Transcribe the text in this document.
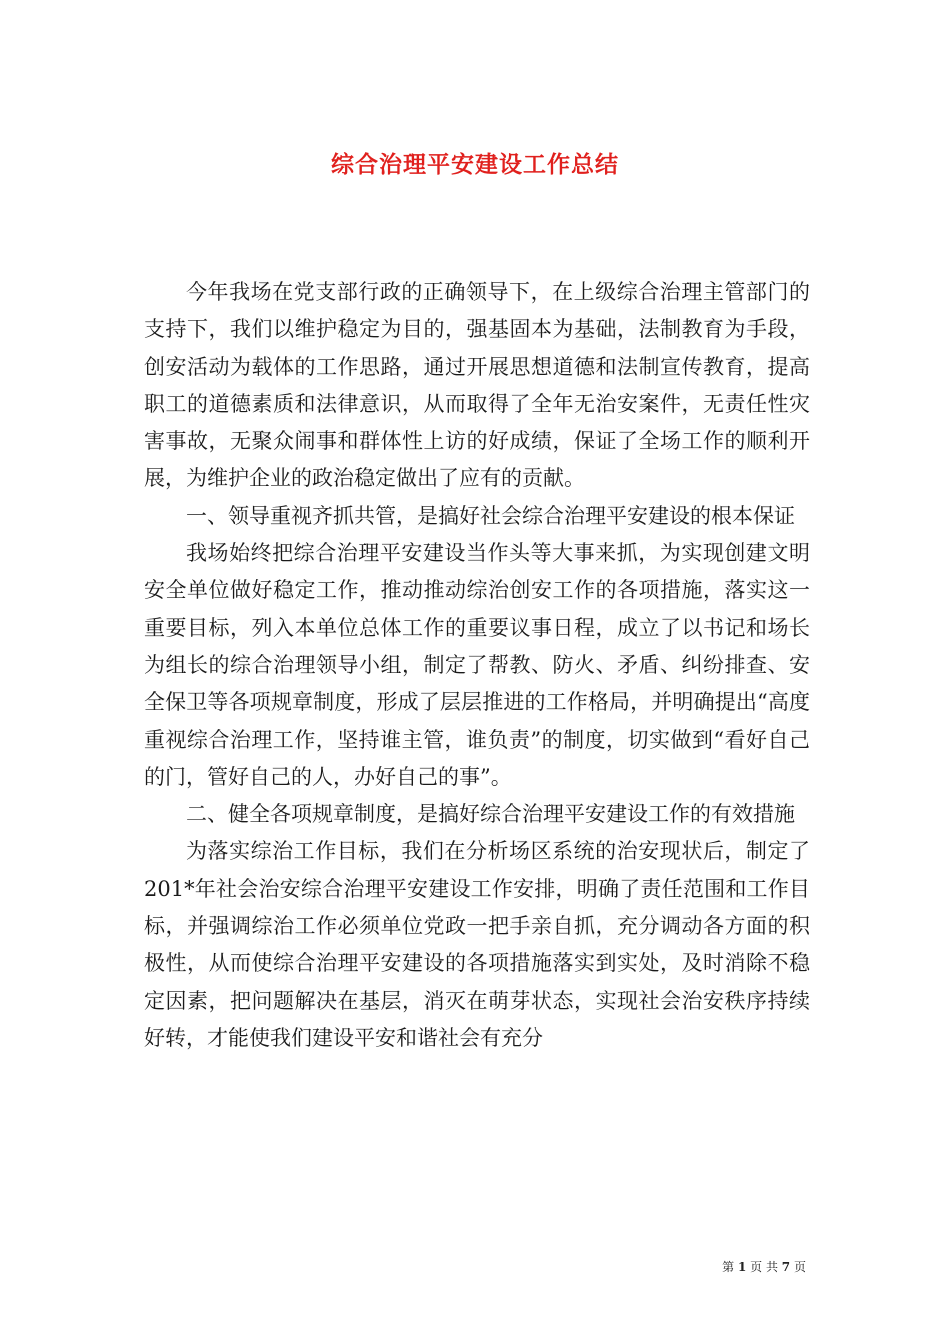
综合治理平安建设工作总结

今年我场在党支部行政的正确领导下，在上级综合治理主管部门的支持下，我们以维护稳定为目的，强基固本为基础，法制教育为手段，创安活动为载体的工作思路，通过开展思想道德和法制宣传教育，提高职工的道德素质和法律意识，从而取得了全年无治安案件，无责任性灾害事故，无聚众闹事和群体性上访的好成绩，保证了全场工作的顺利开展，为维护企业的政治稳定做出了应有的贡献。

一、领导重视齐抓共管，是搞好社会综合治理平安建设的根本保证

我场始终把综合治理平安建设当作头等大事来抓，为实现创建文明安全单位做好稳定工作，推动推动综治创安工作的各项措施，落实这一重要目标，列入本单位总体工作的重要议事日程，成立了以书记和场长为组长的综合治理领导小组，制定了帮教、防火、矛盾、纠纷排查、安全保卫等各项规章制度，形成了层层推进的工作格局，并明确提出“高度重视综合治理工作，坚持谁主管，谁负责”的制度，切实做到“看好自己的门，管好自己的人，办好自己的事”。

二、健全各项规章制度，是搞好综合治理平安建设工作的有效措施

为落实综治工作目标，我们在分析场区系统的治安现状后，制定了201*年社会治安综合治理平安建设工作安排，明确了责任范围和工作目标，并强调综治工作必须单位党政一把手亲自抓，充分调动各方面的积极性，从而使综合治理平安建设的各项措施落实到实处，及时消除不稳定因素，把问题解决在基层，消灭在萌芽状态，实现社会治安秩序持续好转，才能使我们建设平安和谐社会有充分

第 1 页 共 7 页
